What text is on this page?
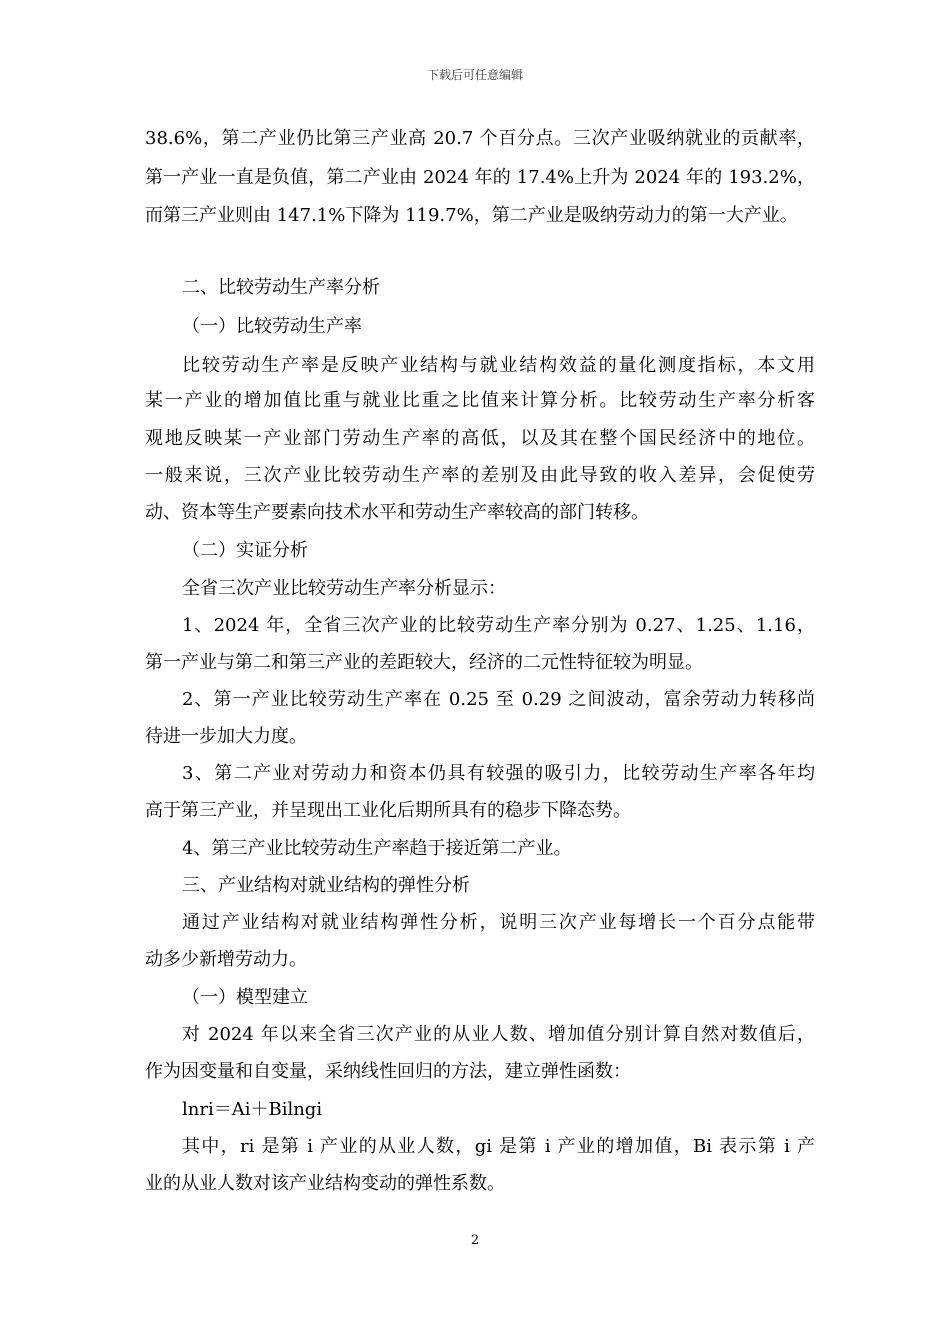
下载后可任意编辑
38.6%，第二产业仍比第三产业高 20.7 个百分点。三次产业吸纳就业的贡献率，
第一产业一直是负值，第二产业由 2024 年的 17.4%上升为 2024 年的 193.2%，
而第三产业则由 147.1%下降为 119.7%，第二产业是吸纳劳动力的第一大产业。
二、比较劳动生产率分析
（一）比较劳动生产率
比较劳动生产率是反映产业结构与就业结构效益的量化测度指标，本文用
某一产业的增加值比重与就业比重之比值来计算分析。比较劳动生产率分析客
观地反映某一产业部门劳动生产率的高低，以及其在整个国民经济中的地位。
一般来说，三次产业比较劳动生产率的差别及由此导致的收入差异，会促使劳
动、资本等生产要素向技术水平和劳动生产率较高的部门转移。
（二）实证分析
全省三次产业比较劳动生产率分析显示：
1、2024 年，全省三次产业的比较劳动生产率分别为 0.27、1.25、1.16，
第一产业与第二和第三产业的差距较大，经济的二元性特征较为明显。
2、第一产业比较劳动生产率在 0.25 至 0.29 之间波动，富余劳动力转移尚
待进一步加大力度。
3、第二产业对劳动力和资本仍具有较强的吸引力，比较劳动生产率各年均
高于第三产业，并呈现出工业化后期所具有的稳步下降态势。
4、第三产业比较劳动生产率趋于接近第二产业。
三、产业结构对就业结构的弹性分析
通过产业结构对就业结构弹性分析，说明三次产业每增长一个百分点能带
动多少新增劳动力。
（一）模型建立
对 2024 年以来全省三次产业的从业人数、增加值分别计算自然对数值后，
作为因变量和自变量，采纳线性回归的方法，建立弹性函数：
lnri＝Ai＋Bilngi
其中，ri 是第 i 产业的从业人数，gi 是第 i 产业的增加值，Bi 表示第 i 产
业的从业人数对该产业结构变动的弹性系数。
2
